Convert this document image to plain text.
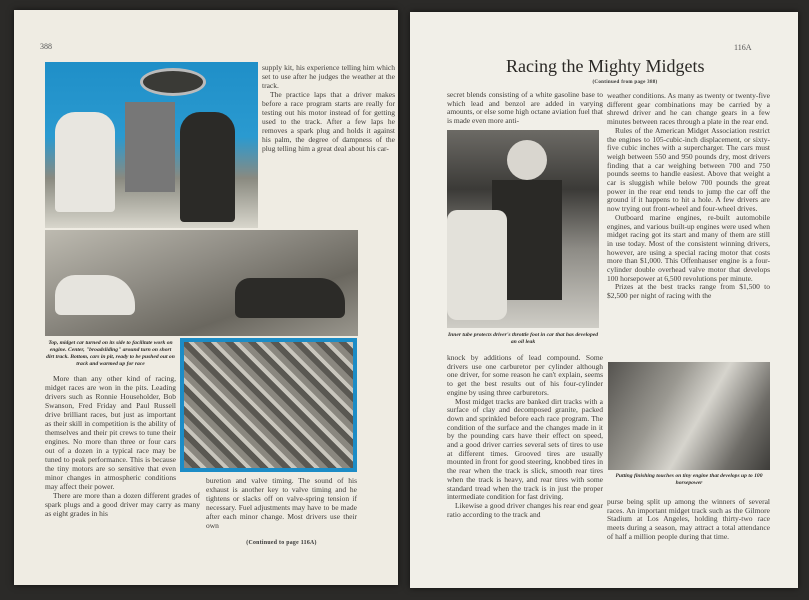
388

supply kit, his experience telling him which set to use after he judges the weather at the track.

The practice laps that a driver makes before a race program starts are really for testing out his motor instead of for getting used to the track. After a few laps he removes a spark plug and holds it against his palm, the degree of dampness of the plug telling him a great deal about his car-

Top, midget car turned on its side to facilitate work on engine. Center, "broadsliding" around turn on short dirt track. Bottom, cars in pit, ready to be pushed out on track and warmed up for race

More than any other kind of racing, midget races are won in the pits. Leading drivers such as Ronnie Householder, Bob Swanson, Fred Friday and Paul Russell drive brilliant races, but just as important as their skill in competition is the ability of themselves and their pit crews to tune their engines. No more than three or four cars out of a dozen in a typical race may be tuned to peak performance. This is because the tiny motors are so sensitive that even minor changes in atmospheric conditions may affect their power.

There are more than a dozen different grades of spark plugs and a good driver may carry as many as eight grades in his

buretion and valve timing. The sound of his exhaust is another key to valve timing and he tightens or slacks off on valve-spring tension if necessary. Fuel adjustments may have to be made after each minor change. Most drivers use their own

(Continued to page 116A)
116A
Racing the Mighty Midgets
(Continued from page 388)

secret blends consisting of a white gasoline base to which lead and benzol are added in varying amounts, or else some high octane aviation fuel that is made even more anti-

Inner tube protects driver's throttle foot in car that has developed an oil leak

knock by additions of lead compound. Some drivers use one carburetor per cylinder although one driver, for some reason he can't explain, seems to get the best results out of his four-cylinder engine by using three carburetors.

Most midget tracks are banked dirt tracks with a surface of clay and decomposed granite, packed down and sprinkled before each race program. The condition of the surface and the changes made in it by the pounding cars have their effect on speed, and a good driver carries several sets of tires to use at different times. Grooved tires are usually mounted in front for good steering, knobbed tires in the rear when the track is slick, smooth rear tires when the track is heavy, and rear tires with some standard tread when the track is in just the proper intermediate condition for fast driving.

Likewise a good driver changes his rear end gear ratio according to the track and

weather conditions. As many as twenty or twenty-five different gear combinations may be carried by a shrewd driver and he can change gears in a few minutes between races through a plate in the rear end.

Rules of the American Midget Association restrict the engines to 105-cubic-inch displacement, or sixty-five cubic inches with a supercharger. The cars must weigh between 550 and 950 pounds dry, most drivers finding that a car weighing between 700 and 750 pounds seems to handle easiest. Above that weight a car is sluggish while below 700 pounds the great power in the rear end tends to jump the car off the ground if it happens to hit a hole. A few drivers are now trying out front-wheel and four-wheel drives.

Outboard marine engines, re-built automobile engines, and various built-up engines were used when midget racing got its start and many of them are still in use today. Most of the consistent winning drivers, however, are using a special racing motor that costs more than $1,000. This Offenhauser engine is a four-cylinder double overhead valve motor that develops 100 horsepower at 6,500 revolutions per minute.

Prizes at the best tracks range from $1,500 to $2,500 per night of racing with the

Putting finishing touches on tiny engine that develops up to 100 horsepower

purse being split up among the winners of several races. An important midget track such as the Gilmore Stadium at Los Angeles, holding thirty-two race meets during a season, may attract a total attendance of half a million people during that time.
